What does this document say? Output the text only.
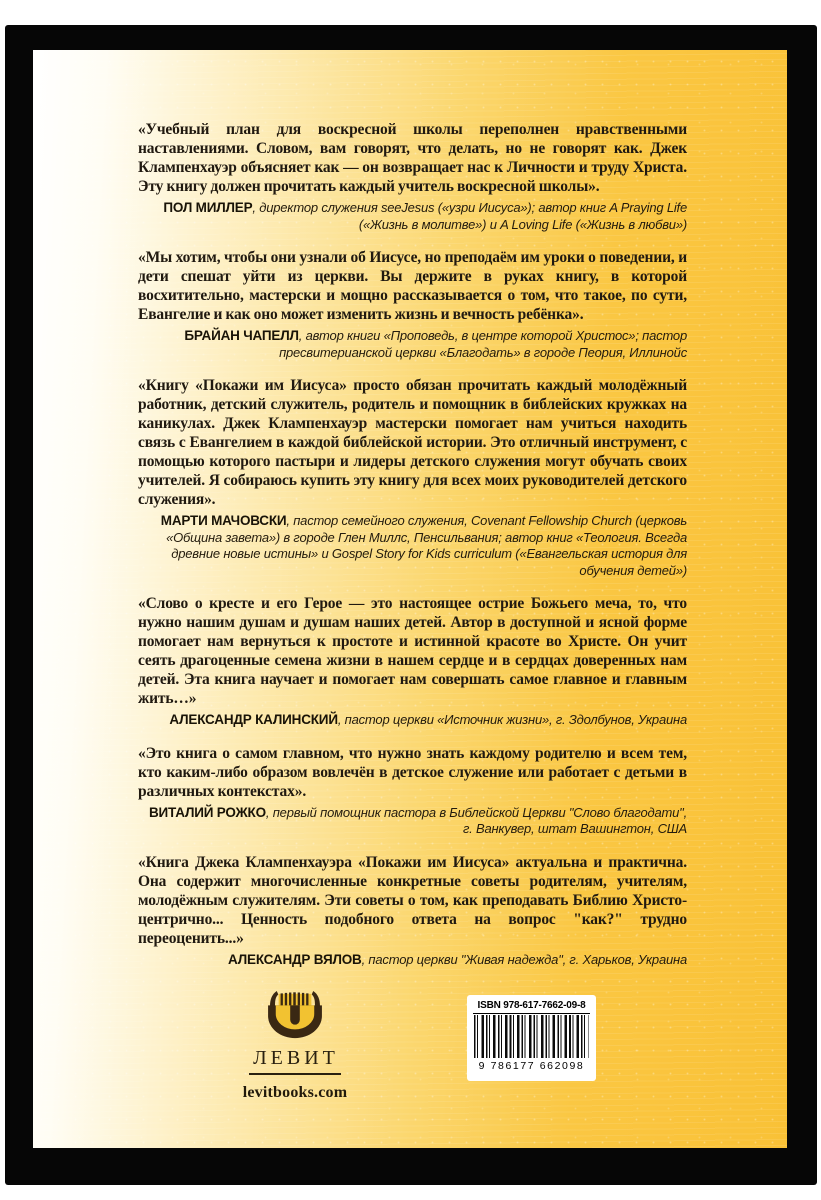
«Учебный план для воскресной школы переполнен нравственными наставлениями. Словом, вам говорят, что делать, но не говорят как. Джек Клампенхауэр объясняет как — он возвращает нас к Личности и труду Христа. Эту книгу должен прочитать каждый учитель воскресной школы».

ПОЛ МИЛЛЕР, директор служения seeJesus («узри Иисуса»); автор книг A Praying Life («Жизнь в молитве») и A Loving Life («Жизнь в любви»)

«Мы хотим, чтобы они узнали об Иисусе, но преподаём им уроки о поведении, и дети спешат уйти из церкви. Вы держите в руках книгу, в которой восхитительно, мастерски и мощно рассказывается о том, что такое, по сути, Евангелие и как оно может изменить жизнь и вечность ребёнка».

БРАЙАН ЧАПЕЛЛ, автор книги «Проповедь, в центре которой Христос»; пастор пресвитерианской церкви «Благодать» в городе Пеория, Иллинойс

«Книгу «Покажи им Иисуса» просто обязан прочитать каждый молодёжный работник, детский служитель, родитель и помощник в библейских кружках на каникулах. Джек Клампенхауэр мастерски помогает нам учиться находить связь с Евангелием в каждой библейской истории. Это отличный инструмент, с помощью которого пастыри и лидеры детского служения могут обучать своих учителей. Я собираюсь купить эту книгу для всех моих руководителей детского служения».

МАРТИ МАЧОВСКИ, пастор семейного служения, Covenant Fellowship Church (церковь «Община завета») в городе Глен Миллс, Пенсильвания; автор книг «Теология. Всегда древние новые истины» и Gospel Story for Kids curriculum («Евангельская история для обучения детей»)

«Слово о кресте и его Герое — это настоящее острие Божьего меча, то, что нужно нашим душам и душам наших детей. Автор в доступной и ясной форме помогает нам вернуться к простоте и истинной красоте во Христе. Он учит сеять драгоценные семена жизни в нашем сердце и в сердцах доверенных нам детей. Эта книга научает и помогает нам совершать самое главное и главным жить…»

АЛЕКСАНДР КАЛИНСКИЙ, пастор церкви «Источник жизни», г. Здолбунов, Украина

«Это книга о самом главном, что нужно знать каждому родителю и всем тем, кто каким-либо образом вовлечён в детское служение или работает с детьми в различных контекстах».

ВИТАЛИЙ РОЖКО, первый помощник пастора в Библейской Церкви "Слово благодати", г. Ванкувер, штат Вашингтон, США

«Книга Джека Клампенхауэра «Покажи им Иисуса» актуальна и практична. Она содержит многочисленные конкретные советы родителям, учителям, молодёжным служителям. Эти советы о том, как преподавать Библию Христо-центрично... Ценность подобного ответа на вопрос "как?" трудно переоценить...»

АЛЕКСАНДР ВЯЛОВ, пастор церкви "Живая надежда", г. Харьков, Украина

ЛЕВИТ
levitbooks.com
ISBN 978-617-7662-09-8
9 786177 662098
